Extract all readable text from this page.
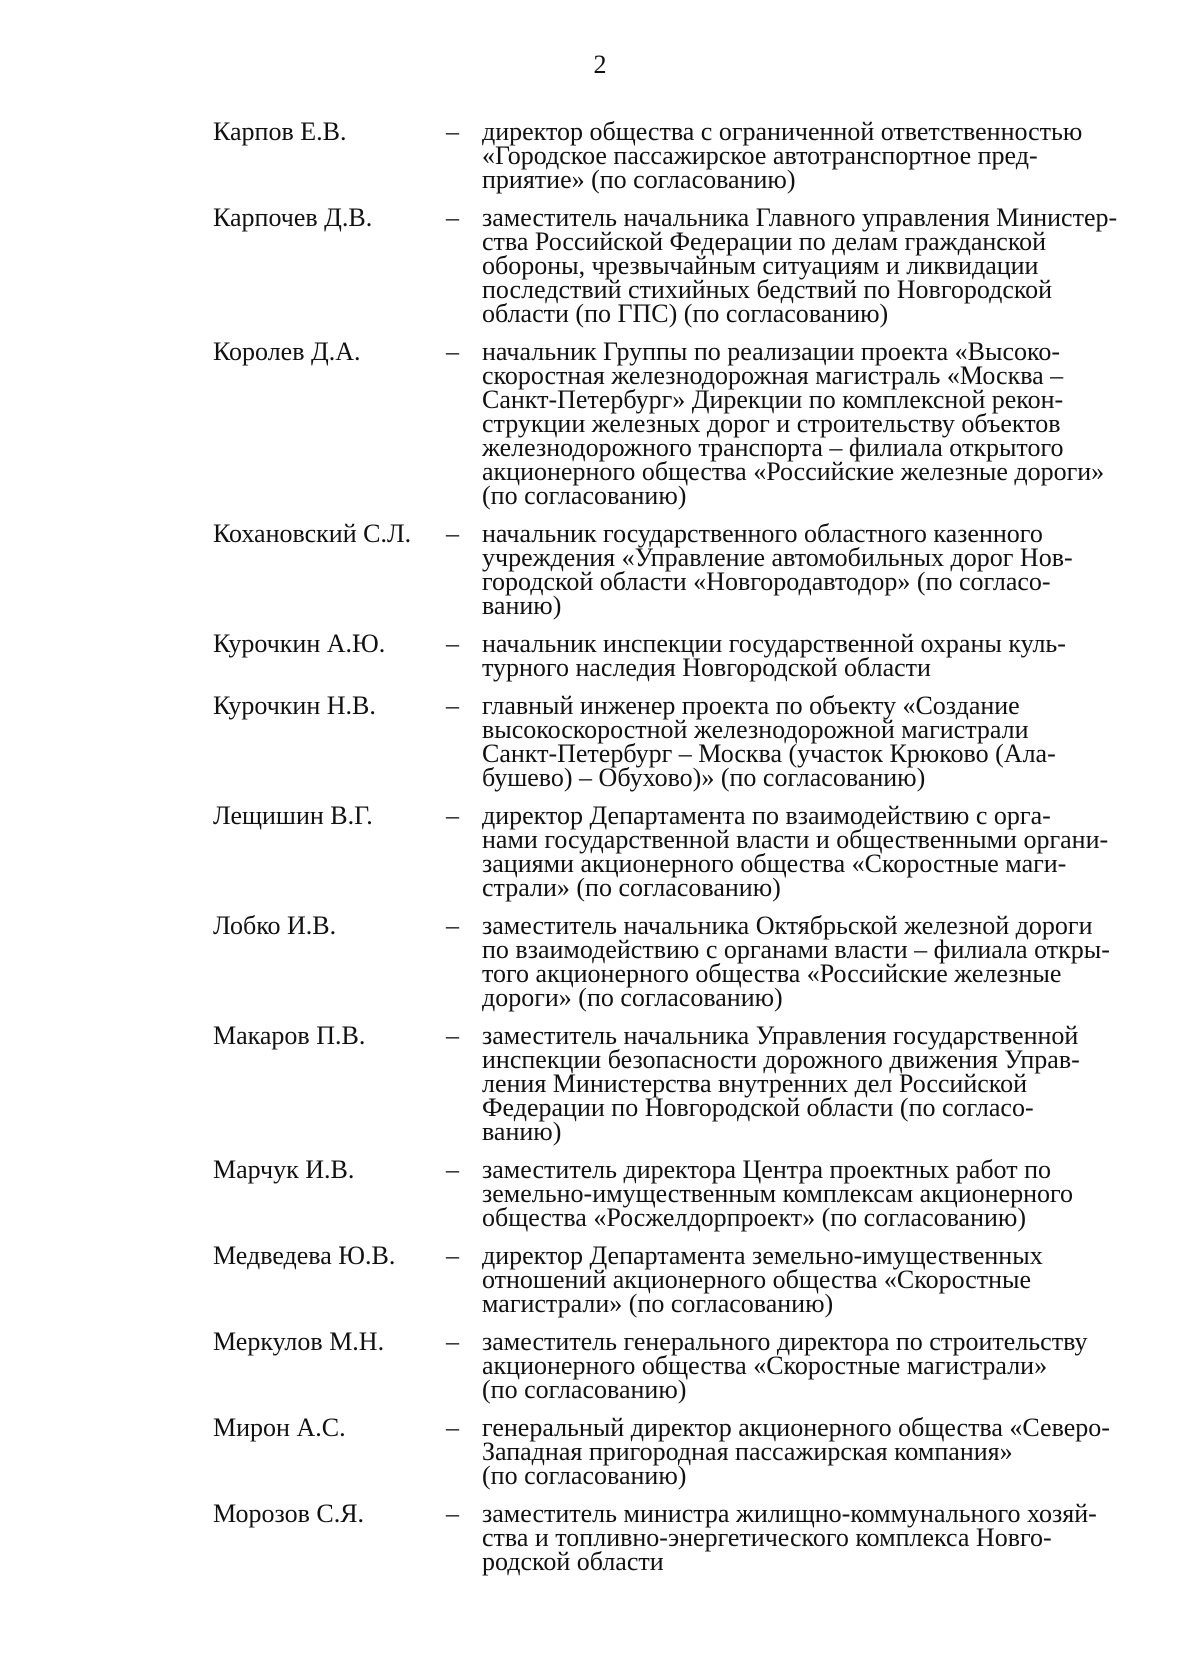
2
Карпов Е.В.	– директор общества с ограниченной ответственностью
«Городское пассажирское автотранспортное пред-
приятие» (по согласованию)
Карпочев Д.В.	– заместитель начальника Главного управления Министер-
ства Российской Федерации по делам гражданской
обороны, чрезвычайным ситуациям и ликвидации
последствий стихийных бедствий по Новгородской
области (по ГПС) (по согласованию)
Королев Д.А.	– начальник Группы по реализации проекта «Высоко-
скоростная железнодорожная магистраль «Москва –
Санкт-Петербург» Дирекции по комплексной рекон-
струкции железных дорог и строительству объектов
железнодорожного транспорта – филиала открытого
акционерного общества «Российские железные дороги»
(по согласованию)
Кохановский С.Л.	– начальник государственного областного казенного
учреждения «Управление автомобильных дорог Нов-
городской области «Новгородавтодор» (по согласо-
ванию)
Курочкин А.Ю.	– начальник инспекции государственной охраны куль-
турного наследия Новгородской области
Курочкин Н.В.	– главный инженер проекта по объекту «Создание
высокоскоростной железнодорожной магистрали
Санкт-Петербург – Москва (участок Крюково (Ала-
бушево) – Обухово)» (по согласованию)
Лещишин В.Г.	– директор Департамента по взаимодействию с орга-
нами государственной власти и общественными органи-
зациями акционерного общества «Скоростные маги-
страли» (по согласованию)
Лобко И.В.	– заместитель начальника Октябрьской железной дороги
по взаимодействию с органами власти – филиала откры-
того акционерного общества «Российские железные
дороги» (по согласованию)
Макаров П.В.	– заместитель начальника Управления государственной
инспекции безопасности дорожного движения Управ-
ления Министерства внутренних дел Российской
Федерации по Новгородской области (по согласо-
ванию)
Марчук И.В.	– заместитель директора Центра проектных работ по
земельно-имущественным комплексам акционерного
общества «Росжелдорпроект» (по согласованию)
Медведева Ю.В.	– директор Департамента земельно-имущественных
отношений акционерного общества «Скоростные
магистрали» (по согласованию)
Меркулов М.Н.	– заместитель генерального директора по строительству
акционерного общества «Скоростные магистрали»
(по согласованию)
Мирон А.С.	– генеральный директор акционерного общества «Северо-
Западная пригородная пассажирская компания»
(по согласованию)
Морозов С.Я.	– заместитель министра жилищно-коммунального хозяй-
ства и топливно-энергетического комплекса Новго-
родской области
